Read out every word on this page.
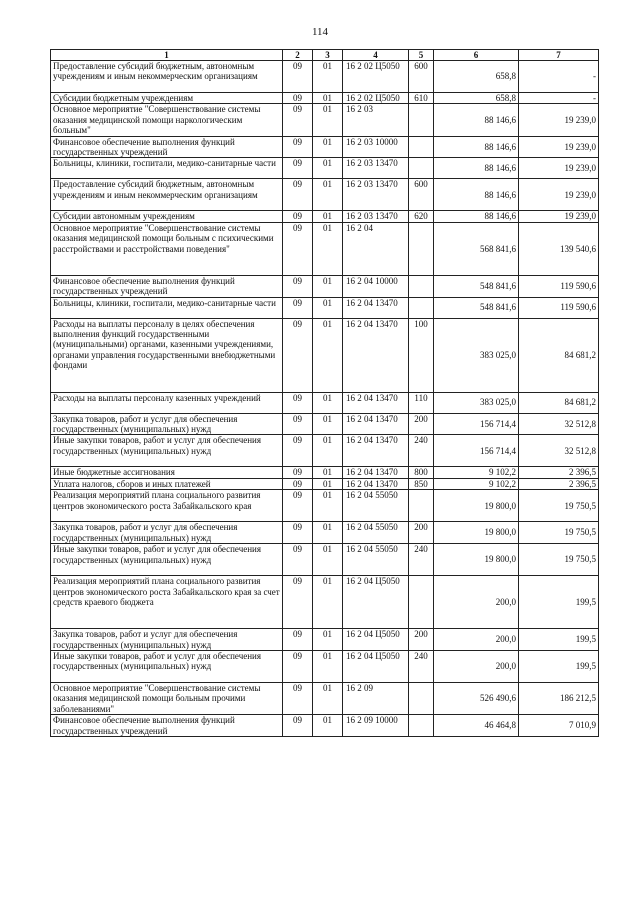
114
1	2	3	4	5	6	7
Предоставление субсидий бюджетным, автономным учреждениям и иным некоммерческим организациям	09	01	16 2 02 Ц5050	600	658,8	-
Субсидии бюджетным учреждениям	09	01	16 2 02 Ц5050	610	658,8	-
Основное мероприятие "Совершенствование системы оказания медицинской помощи наркологическим больным"	09	01	16 2 03		88 146,6	19 239,0
Финансовое обеспечение выполнения функций государственных учреждений	09	01	16 2 03 10000		88 146,6	19 239,0
Больницы, клиники, госпитали, медико-санитарные части	09	01	16 2 03 13470		88 146,6	19 239,0
Предоставление субсидий бюджетным, автономным учреждениям и иным некоммерческим организациям	09	01	16 2 03 13470	600	88 146,6	19 239,0
Субсидии автономным учреждениям	09	01	16 2 03 13470	620	88 146,6	19 239,0
Основное мероприятие "Совершенствование системы оказания медицинской помощи больным с психическими расстройствами и расстройствами поведения"	09	01	16 2 04		568 841,6	139 540,6
Финансовое обеспечение выполнения функций государственных учреждений	09	01	16 2 04 10000		548 841,6	119 590,6
Больницы, клиники, госпитали, медико-санитарные части	09	01	16 2 04 13470		548 841,6	119 590,6
Расходы на выплаты персоналу в целях обеспечения выполнения функций государственными (муниципальными) органами, казенными учреждениями, органами управления государственными внебюджетными фондами	09	01	16 2 04 13470	100	383 025,0	84 681,2
Расходы на выплаты персоналу казенных учреждений	09	01	16 2 04 13470	110	383 025,0	84 681,2
Закупка товаров, работ и услуг для обеспечения государственных (муниципальных) нужд	09	01	16 2 04 13470	200	156 714,4	32 512,8
Иные закупки товаров, работ и услуг для обеспечения государственных (муниципальных) нужд	09	01	16 2 04 13470	240	156 714,4	32 512,8
Иные бюджетные ассигнования	09	01	16 2 04 13470	800	9 102,2	2 396,5
Уплата налогов, сборов и иных платежей	09	01	16 2 04 13470	850	9 102,2	2 396,5
Реализация мероприятий плана социального развития центров экономического роста Забайкальского края	09	01	16 2 04 55050		19 800,0	19 750,5
Закупка товаров, работ и услуг для обеспечения государственных (муниципальных) нужд	09	01	16 2 04 55050	200	19 800,0	19 750,5
Иные закупки товаров, работ и услуг для обеспечения государственных (муниципальных) нужд	09	01	16 2 04 55050	240	19 800,0	19 750,5
Реализация мероприятий плана социального развития центров экономического роста Забайкальского края за счет средств краевого бюджета	09	01	16 2 04 Ц5050		200,0	199,5
Закупка товаров, работ и услуг для обеспечения государственных (муниципальных) нужд	09	01	16 2 04 Ц5050	200	200,0	199,5
Иные закупки товаров, работ и услуг для обеспечения государственных (муниципальных) нужд	09	01	16 2 04 Ц5050	240	200,0	199,5
Основное мероприятие "Совершенствование системы оказания медицинской помощи больным прочими заболеваниями"	09	01	16 2 09		526 490,6	186 212,5
Финансовое обеспечение выполнения функций государственных учреждений	09	01	16 2 09 10000		46 464,8	7 010,9
